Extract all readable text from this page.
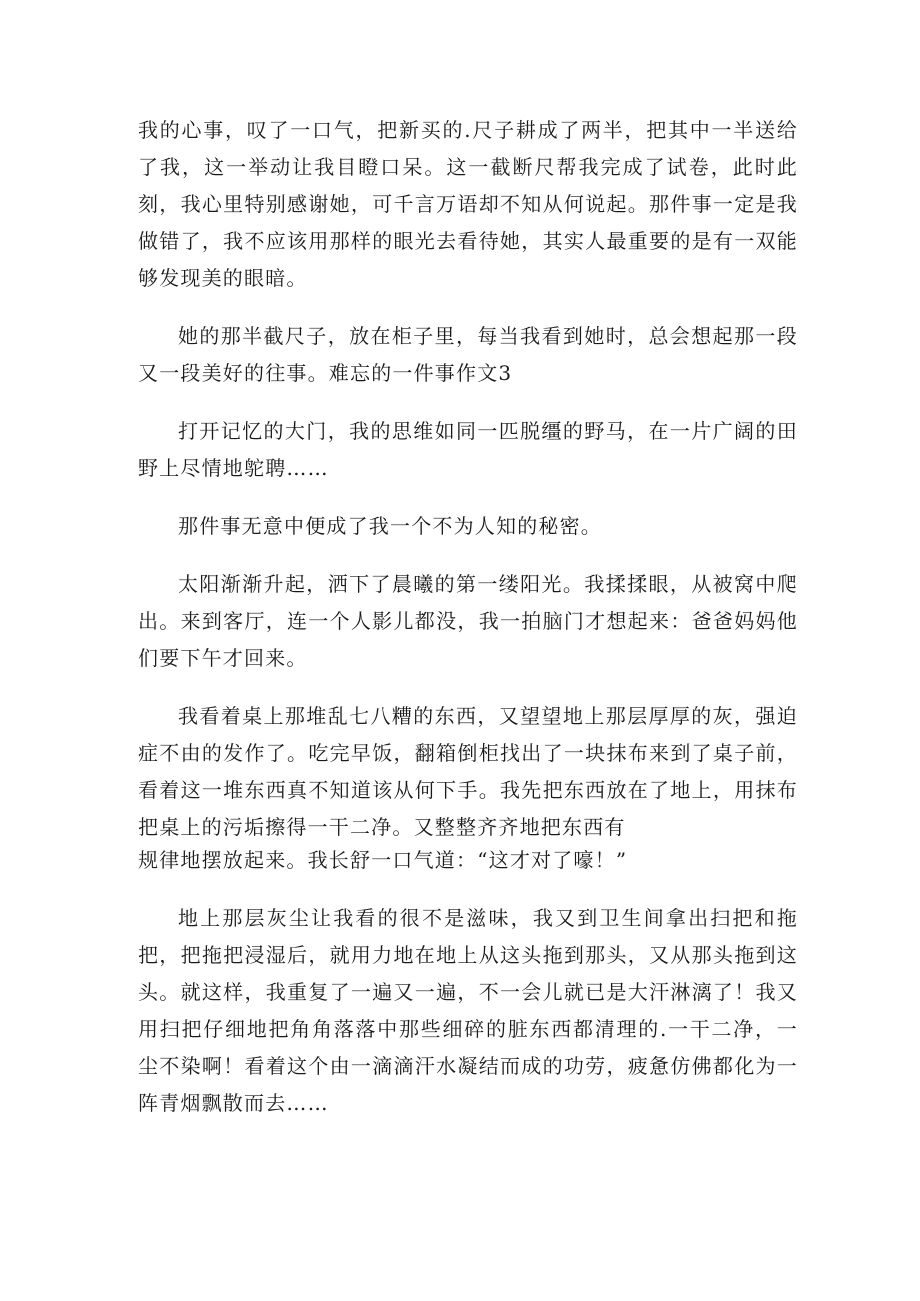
我的心事，叹了一口气，把新买的.尺子耕成了两半，把其中一半送给了我，这一举动让我目瞪口呆。这一截断尺帮我完成了试卷，此时此刻，我心里特别感谢她，可千言万语却不知从何说起。那件事一定是我做错了，我不应该用那样的眼光去看待她，其实人最重要的是有一双能够发现美的眼暗。

她的那半截尺子，放在柜子里，每当我看到她时，总会想起那一段又一段美好的往事。难忘的一件事作文3

打开记忆的大门，我的思维如同一匹脱缰的野马，在一片广阔的田野上尽情地鸵聘……

那件事无意中便成了我一个不为人知的秘密。

太阳渐渐升起，洒下了晨曦的第一缕阳光。我揉揉眼，从被窝中爬出。来到客厅，连一个人影儿都没，我一拍脑门才想起来：爸爸妈妈他们要下午才回来。

我看着桌上那堆乱七八糟的东西，又望望地上那层厚厚的灰，强迫症不由的发作了。吃完早饭，翻箱倒柜找出了一块抹布来到了桌子前，看着这一堆东西真不知道该从何下手。我先把东西放在了地上，用抹布把桌上的污垢擦得一干二净。又整整齐齐地把东西有

规律地摆放起来。我长舒一口气道：“这才对了嚎！”

地上那层灰尘让我看的很不是滋味，我又到卫生间拿出扫把和拖把，把拖把浸湿后，就用力地在地上从这头拖到那头，又从那头拖到这头。就这样，我重复了一遍又一遍，不一会儿就已是大汗淋漓了！我又用扫把仔细地把角角落落中那些细碎的脏东西都清理的.一干二净，一尘不染啊！看着这个由一滴滴汗水凝结而成的功劳，疲惫仿佛都化为一阵青烟飘散而去……
